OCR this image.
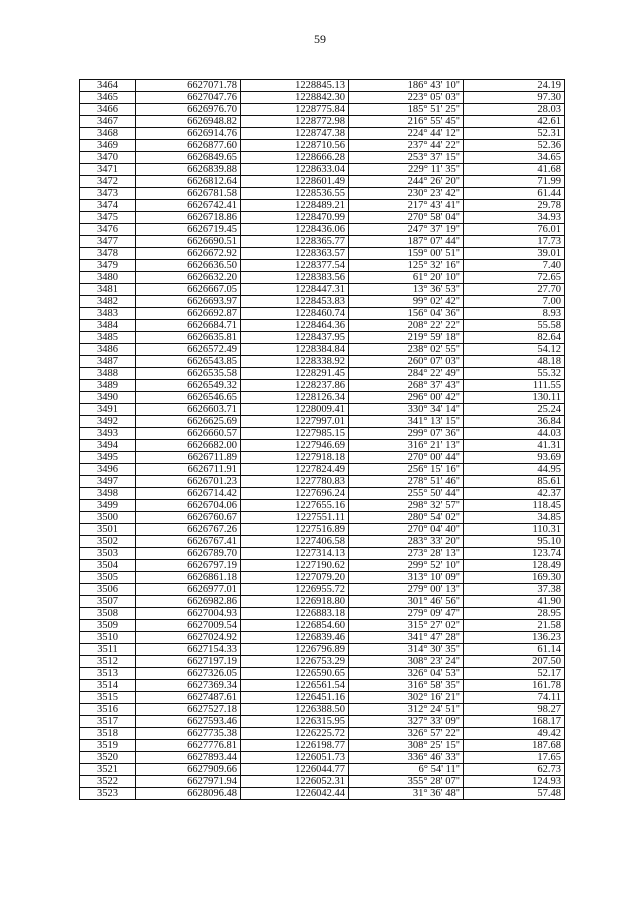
59
3464	6627071.78	1228845.13	186° 43' 10"	24.19
3465	6627047.76	1228842.30	223° 05' 03"	97.30
3466	6626976.70	1228775.84	185° 51' 25"	28.03
3467	6626948.82	1228772.98	216° 55' 45"	42.61
3468	6626914.76	1228747.38	224° 44' 12"	52.31
3469	6626877.60	1228710.56	237° 44' 22"	52.36
3470	6626849.65	1228666.28	253° 37' 15"	34.65
3471	6626839.88	1228633.04	229° 11' 35"	41.68
3472	6626812.64	1228601.49	244° 26' 20"	71.99
3473	6626781.58	1228536.55	230° 23' 42"	61.44
3474	6626742.41	1228489.21	217° 43' 41"	29.78
3475	6626718.86	1228470.99	270° 58' 04"	34.93
3476	6626719.45	1228436.06	247° 37' 19"	76.01
3477	6626690.51	1228365.77	187° 07' 44"	17.73
3478	6626672.92	1228363.57	159° 00' 51"	39.01
3479	6626636.50	1228377.54	125° 32' 16"	7.40
3480	6626632.20	1228383.56	61° 20' 10"	72.65
3481	6626667.05	1228447.31	13° 36' 53"	27.70
3482	6626693.97	1228453.83	99° 02' 42"	7.00
3483	6626692.87	1228460.74	156° 04' 36"	8.93
3484	6626684.71	1228464.36	208° 22' 22"	55.58
3485	6626635.81	1228437.95	219° 59' 18"	82.64
3486	6626572.49	1228384.84	238° 02' 55"	54.12
3487	6626543.85	1228338.92	260° 07' 03"	48.18
3488	6626535.58	1228291.45	284° 22' 49"	55.32
3489	6626549.32	1228237.86	268° 37' 43"	111.55
3490	6626546.65	1228126.34	296° 00' 42"	130.11
3491	6626603.71	1228009.41	330° 34' 14"	25.24
3492	6626625.69	1227997.01	341° 13' 15"	36.84
3493	6626660.57	1227985.15	299° 07' 36"	44.03
3494	6626682.00	1227946.69	316° 21' 13"	41.31
3495	6626711.89	1227918.18	270° 00' 44"	93.69
3496	6626711.91	1227824.49	256° 15' 16"	44.95
3497	6626701.23	1227780.83	278° 51' 46"	85.61
3498	6626714.42	1227696.24	255° 50' 44"	42.37
3499	6626704.06	1227655.16	298° 32' 57"	118.45
3500	6626760.67	1227551.11	280° 54' 02"	34.85
3501	6626767.26	1227516.89	270° 04' 40"	110.31
3502	6626767.41	1227406.58	283° 33' 20"	95.10
3503	6626789.70	1227314.13	273° 28' 13"	123.74
3504	6626797.19	1227190.62	299° 52' 10"	128.49
3505	6626861.18	1227079.20	313° 10' 09"	169.30
3506	6626977.01	1226955.72	279° 00' 13"	37.38
3507	6626982.86	1226918.80	301° 46' 56"	41.90
3508	6627004.93	1226883.18	279° 09' 47"	28.95
3509	6627009.54	1226854.60	315° 27' 02"	21.58
3510	6627024.92	1226839.46	341° 47' 28"	136.23
3511	6627154.33	1226796.89	314° 30' 35"	61.14
3512	6627197.19	1226753.29	308° 23' 24"	207.50
3513	6627326.05	1226590.65	326° 04' 53"	52.17
3514	6627369.34	1226561.54	316° 58' 35"	161.78
3515	6627487.61	1226451.16	302° 16' 21"	74.11
3516	6627527.18	1226388.50	312° 24' 51"	98.27
3517	6627593.46	1226315.95	327° 33' 09"	168.17
3518	6627735.38	1226225.72	326° 57' 22"	49.42
3519	6627776.81	1226198.77	308° 25' 15"	187.68
3520	6627893.44	1226051.73	336° 46' 33"	17.65
3521	6627909.66	1226044.77	6° 54' 11"	62.73
3522	6627971.94	1226052.31	355° 28' 07"	124.93
3523	6628096.48	1226042.44	31° 36' 48"	57.48
